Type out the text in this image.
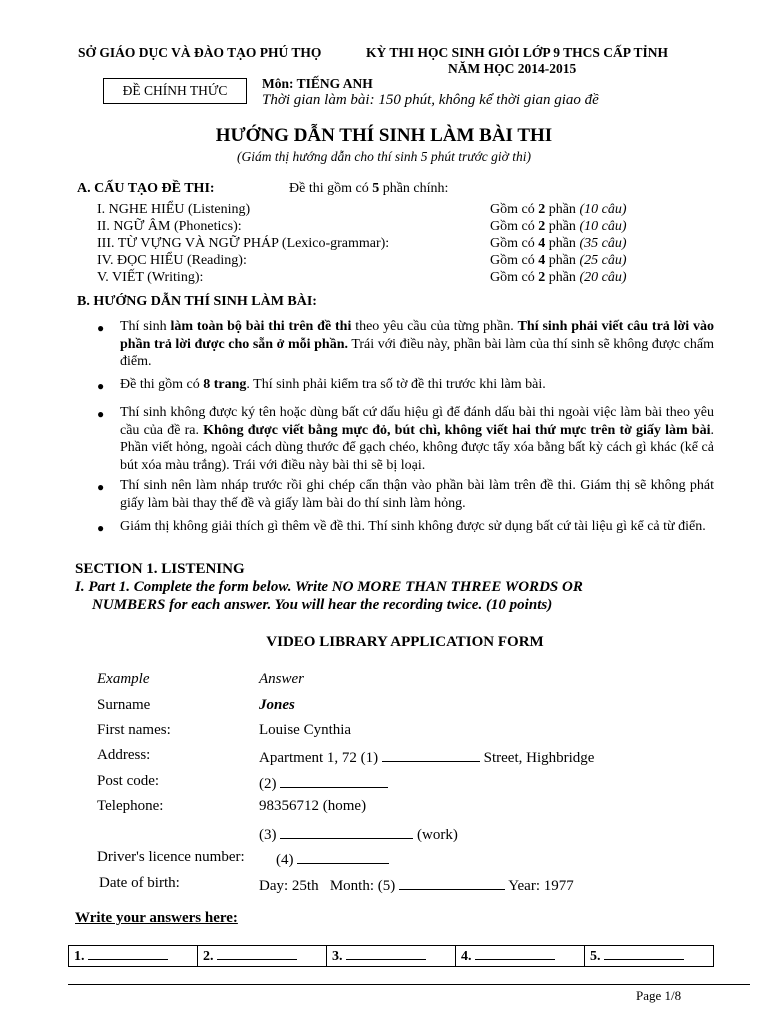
SỞ GIÁO DỤC VÀ ĐÀO TẠO PHÚ THỌ	KỲ THI HỌC SINH GIỎI LỚP 9 THCS CẤP TỈNH
NĂM HỌC 2014-2015
ĐỀ CHÍNH THỨC	Môn: TIẾNG ANH
Thời gian làm bài: 150 phút, không kể thời gian giao đề
HƯỚNG DẪN THÍ SINH LÀM BÀI THI
(Giám thị hướng dẫn cho thí sinh 5 phút trước giờ thi)
A. CẤU TẠO ĐỀ THI:	Đề thi gồm có 5 phần chính:
I. NGHE HIỂU (Listening)	Gồm có 2 phần (10 câu)
II. NGỮ ÂM (Phonetics):	Gồm có 2 phần (10 câu)
III. TỪ VỰNG VÀ NGỮ PHÁP (Lexico-grammar):	Gồm có 4 phần (35 câu)
IV. ĐỌC HIỂU (Reading):	Gồm có 4 phần (25 câu)
V. VIẾT (Writing):	Gồm có 2 phần (20 câu)
B. HƯỚNG DẪN THÍ SINH LÀM BÀI:
● Thí sinh làm toàn bộ bài thi trên đề thi theo yêu cầu của từng phần. Thí sinh phải viết câu trả lời vào phần trả lời được cho sẵn ở mỗi phần. Trái với điều này, phần bài làm của thí sinh sẽ không được chấm điểm.
● Đề thi gồm có 8 trang. Thí sinh phải kiểm tra số tờ đề thi trước khi làm bài.
● Thí sinh không được ký tên hoặc dùng bất cứ dấu hiệu gì để đánh dấu bài thi ngoài việc làm bài theo yêu cầu của đề ra. Không được viết bằng mực đỏ, bút chì, không viết hai thứ mực trên tờ giấy làm bài. Phần viết hỏng, ngoài cách dùng thước để gạch chéo, không được tẩy xóa bằng bất kỳ cách gì khác (kể cả bút xóa màu trắng). Trái với điều này bài thi sẽ bị loại.
● Thí sinh nên làm nháp trước rồi ghi chép cẩn thận vào phần bài làm trên đề thi. Giám thị sẽ không phát giấy làm bài thay thế đề và giấy làm bài do thí sinh làm hỏng.
● Giám thị không giải thích gì thêm về đề thi. Thí sinh không được sử dụng bất cứ tài liệu gì kể cả từ điển.
SECTION 1. LISTENING
I. Part 1. Complete the form below. Write NO MORE THAN THREE WORDS OR
NUMBERS for each answer. You will hear the recording twice. (10 points)
VIDEO LIBRARY APPLICATION FORM
Example	Answer
Surname	Jones
First names:	Louise Cynthia
Address:	Apartment 1, 72 (1)	Street, Highbridge
Post code:	(2)
Telephone:	98356712 (home)
(3)	(work)
Driver's licence number: (4)
Date of birth:	Day: 25th Month: (5)	Year: 1977
Write your answers here:
1.	2.	3.	4.	5.
Page 1/8
